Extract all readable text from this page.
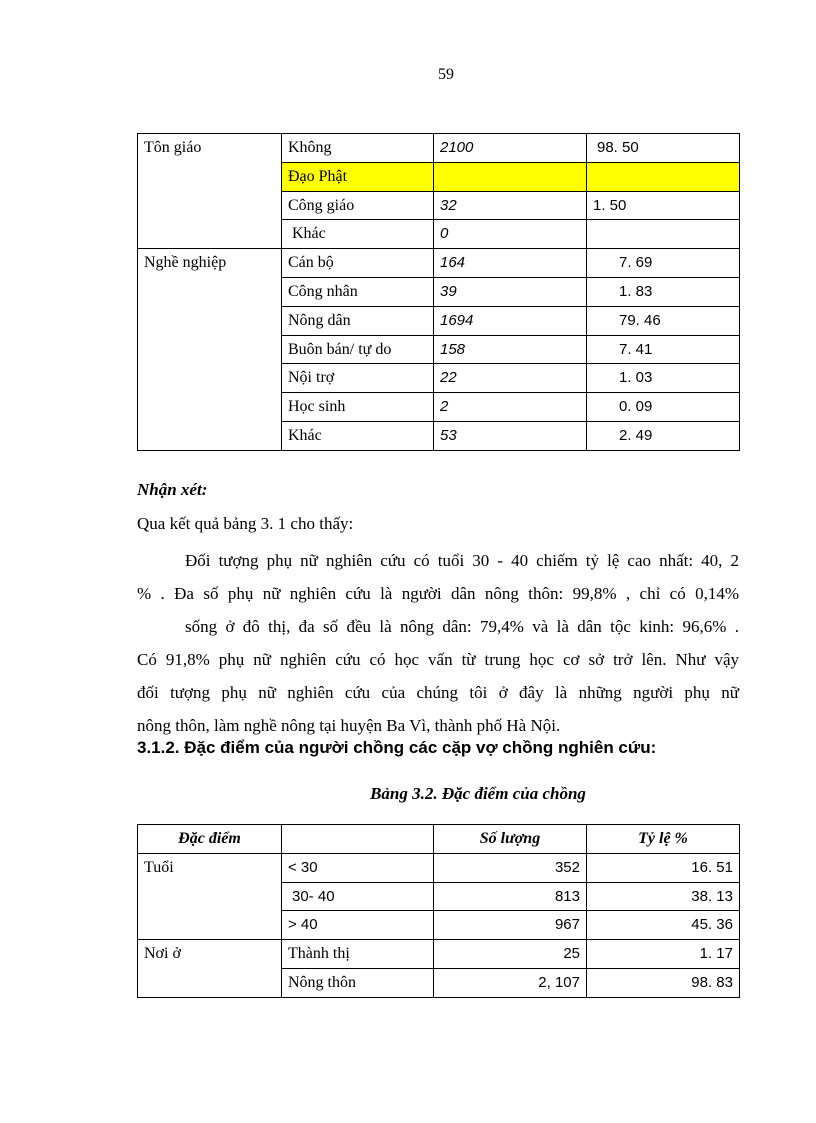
59
Tôn giáo	Không	2100	98. 50
	Đạo Phật		
	Công giáo	32	1. 50
	Khác	0	
Nghề nghiệp	Cán bộ	164	7. 69
	Công nhân	39	1. 83
	Nông dân	1694	79. 46
	Buôn bán/ tự do	158	7. 41
	Nội trợ	22	1. 03
	Học sinh	2	0. 09
	Khác	53	2. 49
Nhận xét:
Qua kết quả bảng 3. 1 cho thấy:
Đối tượng phụ nữ nghiên cứu có tuổi 30 - 40 chiếm tỷ lệ cao nhất: 40, 2
% . Đa số phụ nữ nghiên cứu là người dân nông thôn: 99,8% , chỉ có 0,14%
sống ở đô thị, đa số đều là nông dân: 79,4% và là dân tộc kinh: 96,6% .
Có 91,8% phụ nữ nghiên cứu có học vấn từ trung học cơ sở trở lên. Như vậy
đối tượng phụ nữ nghiên cứu của chúng tôi ở đây là những người phụ nữ
nông thôn, làm nghề nông tại huyện Ba Vì, thành phố Hà Nội.
3.1.2. Đặc điểm của người chồng các cặp vợ chồng nghiên cứu:
Bảng 3.2. Đặc điểm của chồng
Đặc điểm		Số lượng	Tỷ lệ %
Tuổi	< 30	352	16. 51
	30- 40	813	38. 13
	> 40	967	45. 36
Nơi ở	Thành thị	25	1. 17
	Nông thôn	2, 107	98. 83
